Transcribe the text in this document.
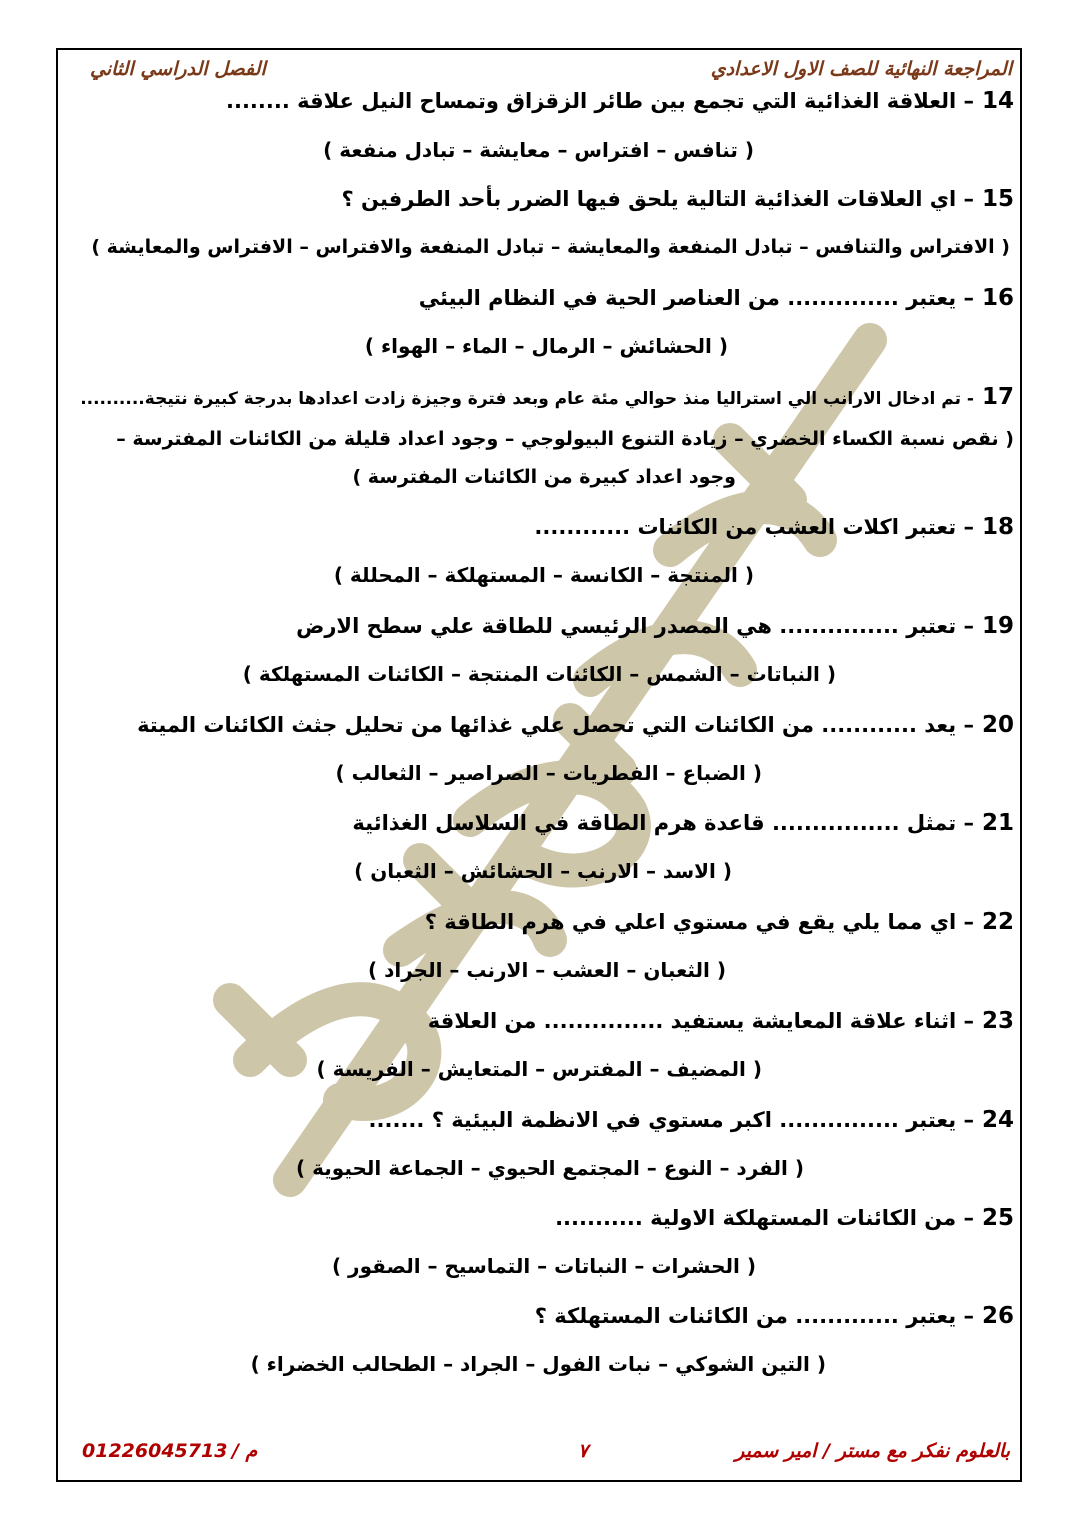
المراجعة النهائية للصف الاول الاعدادي
الفصل الدراسي الثاني
14– العلاقة الغذائية التي تجمع بين طائر الزقزاق وتمساح النيل علاقة ........
( تنافس – افتراس – معايشة – تبادل منفعة )
15– اي العلاقات الغذائية التالية يلحق فيها الضرر بأحد الطرفين ؟
( الافتراس والتنافس – تبادل المنفعة والمعايشة – تبادل المنفعة والافتراس – الافتراس والمعايشة )
16– يعتبر .............. من العناصر الحية في النظام البيئي
( الحشائش – الرمال – الماء – الهواء )
17- تم ادخال الارانب الي استراليا منذ حوالي مئة عام وبعد فترة وجيزة زادت اعدادها بدرجة كبيرة نتيجة..........
( نقص نسبة الكساء الخضري – زيادة التنوع البيولوجي – وجود اعداد قليلة من الكائنات المفترسة –
وجود اعداد كبيرة من الكائنات المفترسة )
18– تعتبر اكلات العشب من الكائنات ............
( المنتجة – الكانسة – المستهلكة – المحللة )
19– تعتبر ............... هي المصدر الرئيسي للطاقة علي سطح الارض
( النباتات – الشمس – الكائنات المنتجة – الكائنات المستهلكة )
20– يعد ............ من الكائنات التي تحصل علي غذائها من تحليل جثث الكائنات الميتة
( الضباع – الفطريات – الصراصير – الثعالب )
21– تمثل ................ قاعدة هرم الطاقة في السلاسل الغذائية
( الاسد – الارنب – الحشائش – الثعبان )
22– اي مما يلي يقع في مستوي اعلي في هرم الطاقة ؟
( الثعبان – العشب – الارنب – الجراد )
23– اثناء علاقة المعايشة يستفيد ............... من العلاقة
( المضيف – المفترس – المتعايش – الفريسة )
24– يعتبر ............... اكبر مستوي في الانظمة البيئية ؟ .......
( الفرد – النوع – المجتمع الحيوي – الجماعة الحيوية )
25– من الكائنات المستهلكة الاولية ...........
( الحشرات – النباتات – التماسيح – الصقور )
26– يعتبر ............. من الكائنات المستهلكة ؟
( التين الشوكي – نبات الفول – الجراد – الطحالب الخضراء )
بالعلوم نفكر مع مستر / امير سمير
٧
م /
01226045713
